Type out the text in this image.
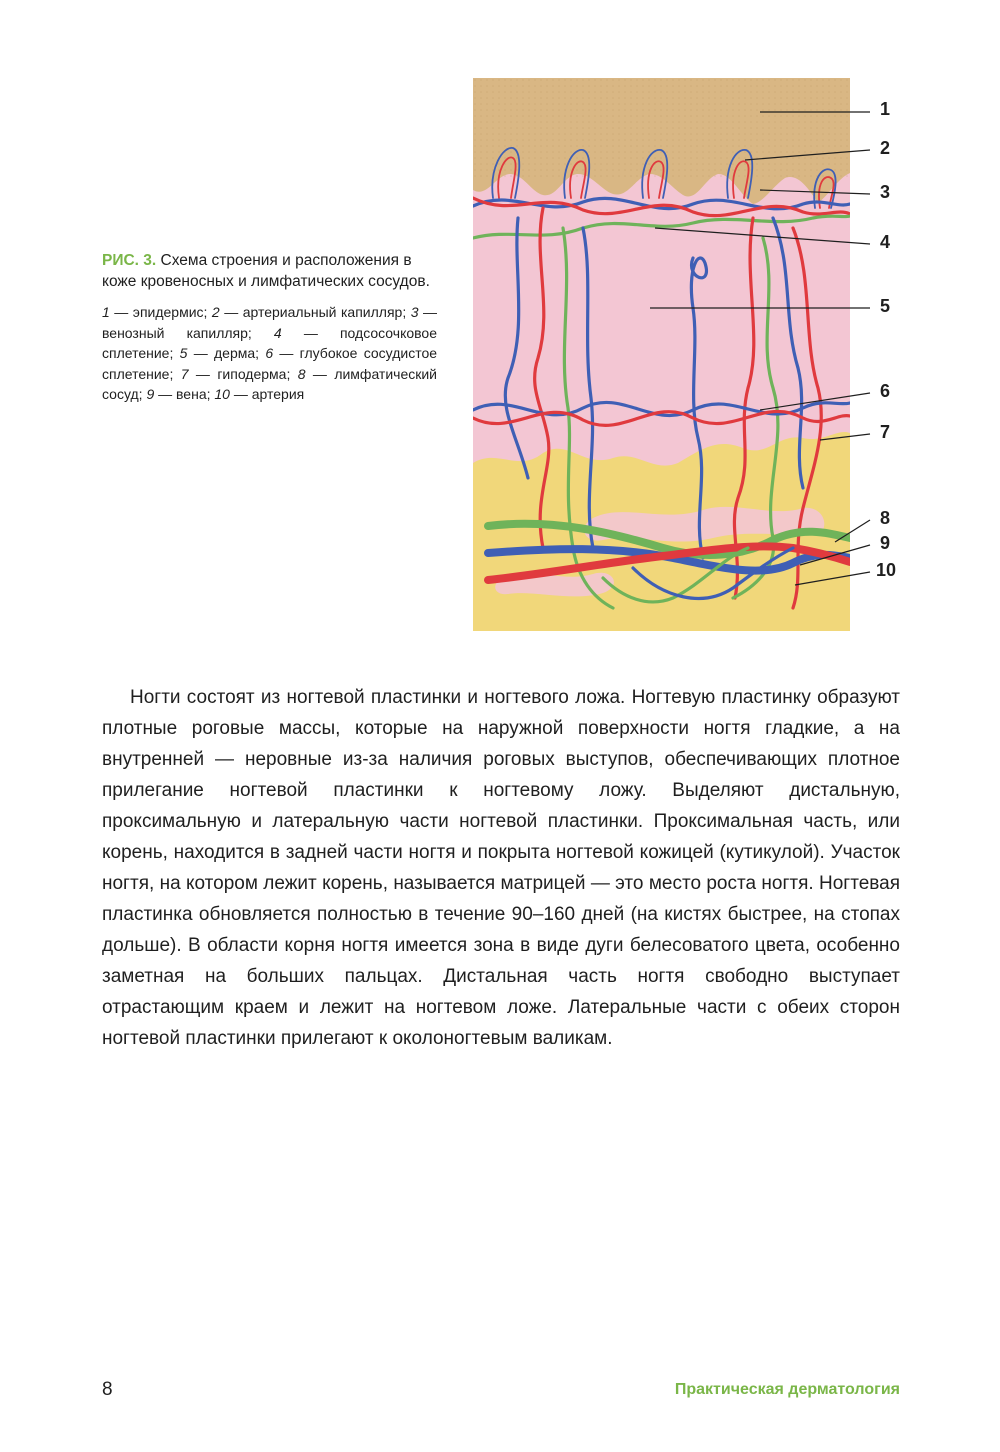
РИС. 3. Схема строения и расположения в коже кровеносных и лимфатических сосудов.

1 — эпидермис; 2 — артериальный капилляр; 3 — венозный капилляр; 4 — подсосочковое сплетение; 5 — дерма; 6 — глубокое сосудистое сплетение; 7 — гиподерма; 8 — лимфатический сосуд; 9 — вена; 10 — артерия

1
2
3
4
5
6
7
8
9
10

Ногти состоят из ногтевой пластинки и ногтевого ложа. Ногтевую пластинку образуют плотные роговые массы, которые на наружной поверхности ногтя гладкие, а на внутренней — неровные из-за наличия роговых выступов, обеспечивающих плотное прилегание ногтевой пластинки к ногтевому ложу. Выделяют дистальную, проксимальную и латеральную части ногтевой пластинки. Проксимальная часть, или корень, находится в задней части ногтя и покрыта ногтевой кожицей (кутикулой). Участок ногтя, на котором лежит корень, называется матрицей — это место роста ногтя. Ногтевая пластинка обновляется полностью в течение 90–160 дней (на кистях быстрее, на стопах дольше). В области корня ногтя имеется зона в виде дуги белесоватого цвета, особенно заметная на больших пальцах. Дистальная часть ногтя свободно выступает отрастающим краем и лежит на ногтевом ложе. Латеральные части с обеих сторон ногтевой пластинки прилегают к околоногтевым валикам.

8	Практическая дерматология
